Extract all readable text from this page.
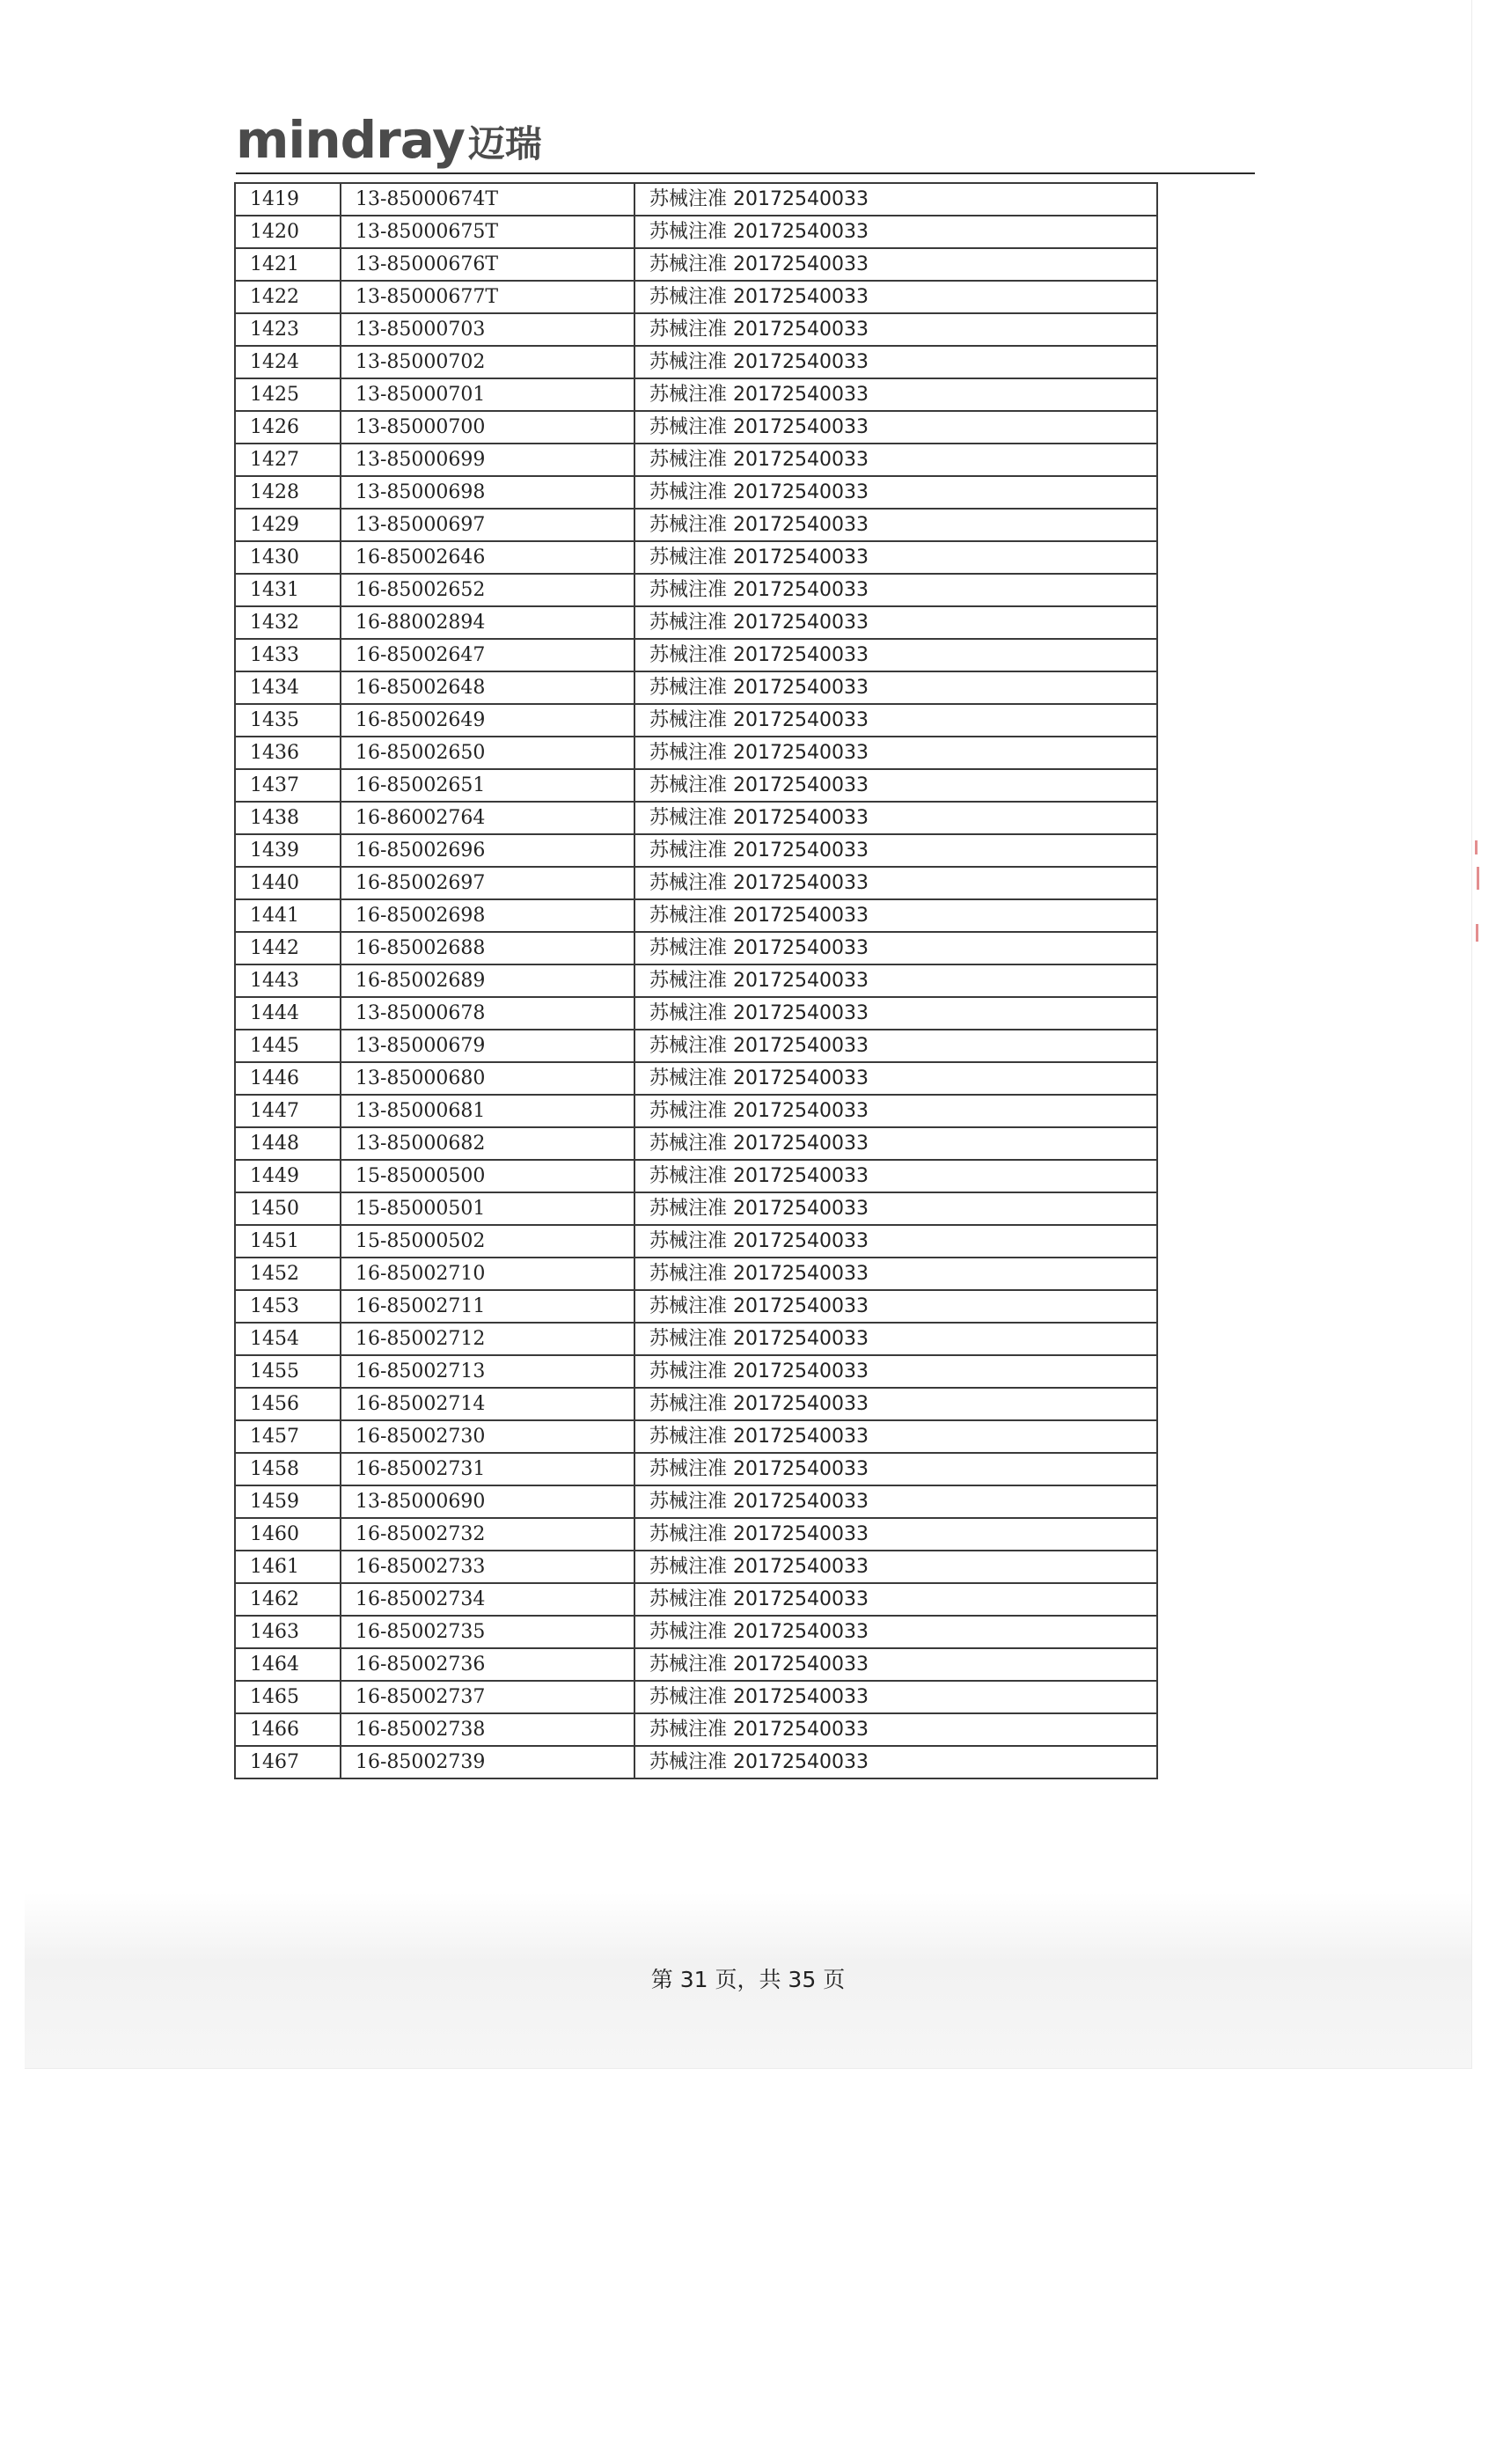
mindray 迈瑞
1419	13-85000674T	苏械注准 20172540033
1420	13-85000675T	苏械注准 20172540033
1421	13-85000676T	苏械注准 20172540033
1422	13-85000677T	苏械注准 20172540033
1423	13-85000703	苏械注准 20172540033
1424	13-85000702	苏械注准 20172540033
1425	13-85000701	苏械注准 20172540033
1426	13-85000700	苏械注准 20172540033
1427	13-85000699	苏械注准 20172540033
1428	13-85000698	苏械注准 20172540033
1429	13-85000697	苏械注准 20172540033
1430	16-85002646	苏械注准 20172540033
1431	16-85002652	苏械注准 20172540033
1432	16-88002894	苏械注准 20172540033
1433	16-85002647	苏械注准 20172540033
1434	16-85002648	苏械注准 20172540033
1435	16-85002649	苏械注准 20172540033
1436	16-85002650	苏械注准 20172540033
1437	16-85002651	苏械注准 20172540033
1438	16-86002764	苏械注准 20172540033
1439	16-85002696	苏械注准 20172540033
1440	16-85002697	苏械注准 20172540033
1441	16-85002698	苏械注准 20172540033
1442	16-85002688	苏械注准 20172540033
1443	16-85002689	苏械注准 20172540033
1444	13-85000678	苏械注准 20172540033
1445	13-85000679	苏械注准 20172540033
1446	13-85000680	苏械注准 20172540033
1447	13-85000681	苏械注准 20172540033
1448	13-85000682	苏械注准 20172540033
1449	15-85000500	苏械注准 20172540033
1450	15-85000501	苏械注准 20172540033
1451	15-85000502	苏械注准 20172540033
1452	16-85002710	苏械注准 20172540033
1453	16-85002711	苏械注准 20172540033
1454	16-85002712	苏械注准 20172540033
1455	16-85002713	苏械注准 20172540033
1456	16-85002714	苏械注准 20172540033
1457	16-85002730	苏械注准 20172540033
1458	16-85002731	苏械注准 20172540033
1459	13-85000690	苏械注准 20172540033
1460	16-85002732	苏械注准 20172540033
1461	16-85002733	苏械注准 20172540033
1462	16-85002734	苏械注准 20172540033
1463	16-85002735	苏械注准 20172540033
1464	16-85002736	苏械注准 20172540033
1465	16-85002737	苏械注准 20172540033
1466	16-85002738	苏械注准 20172540033
1467	16-85002739	苏械注准 20172540033
第 31 页，共 35 页
